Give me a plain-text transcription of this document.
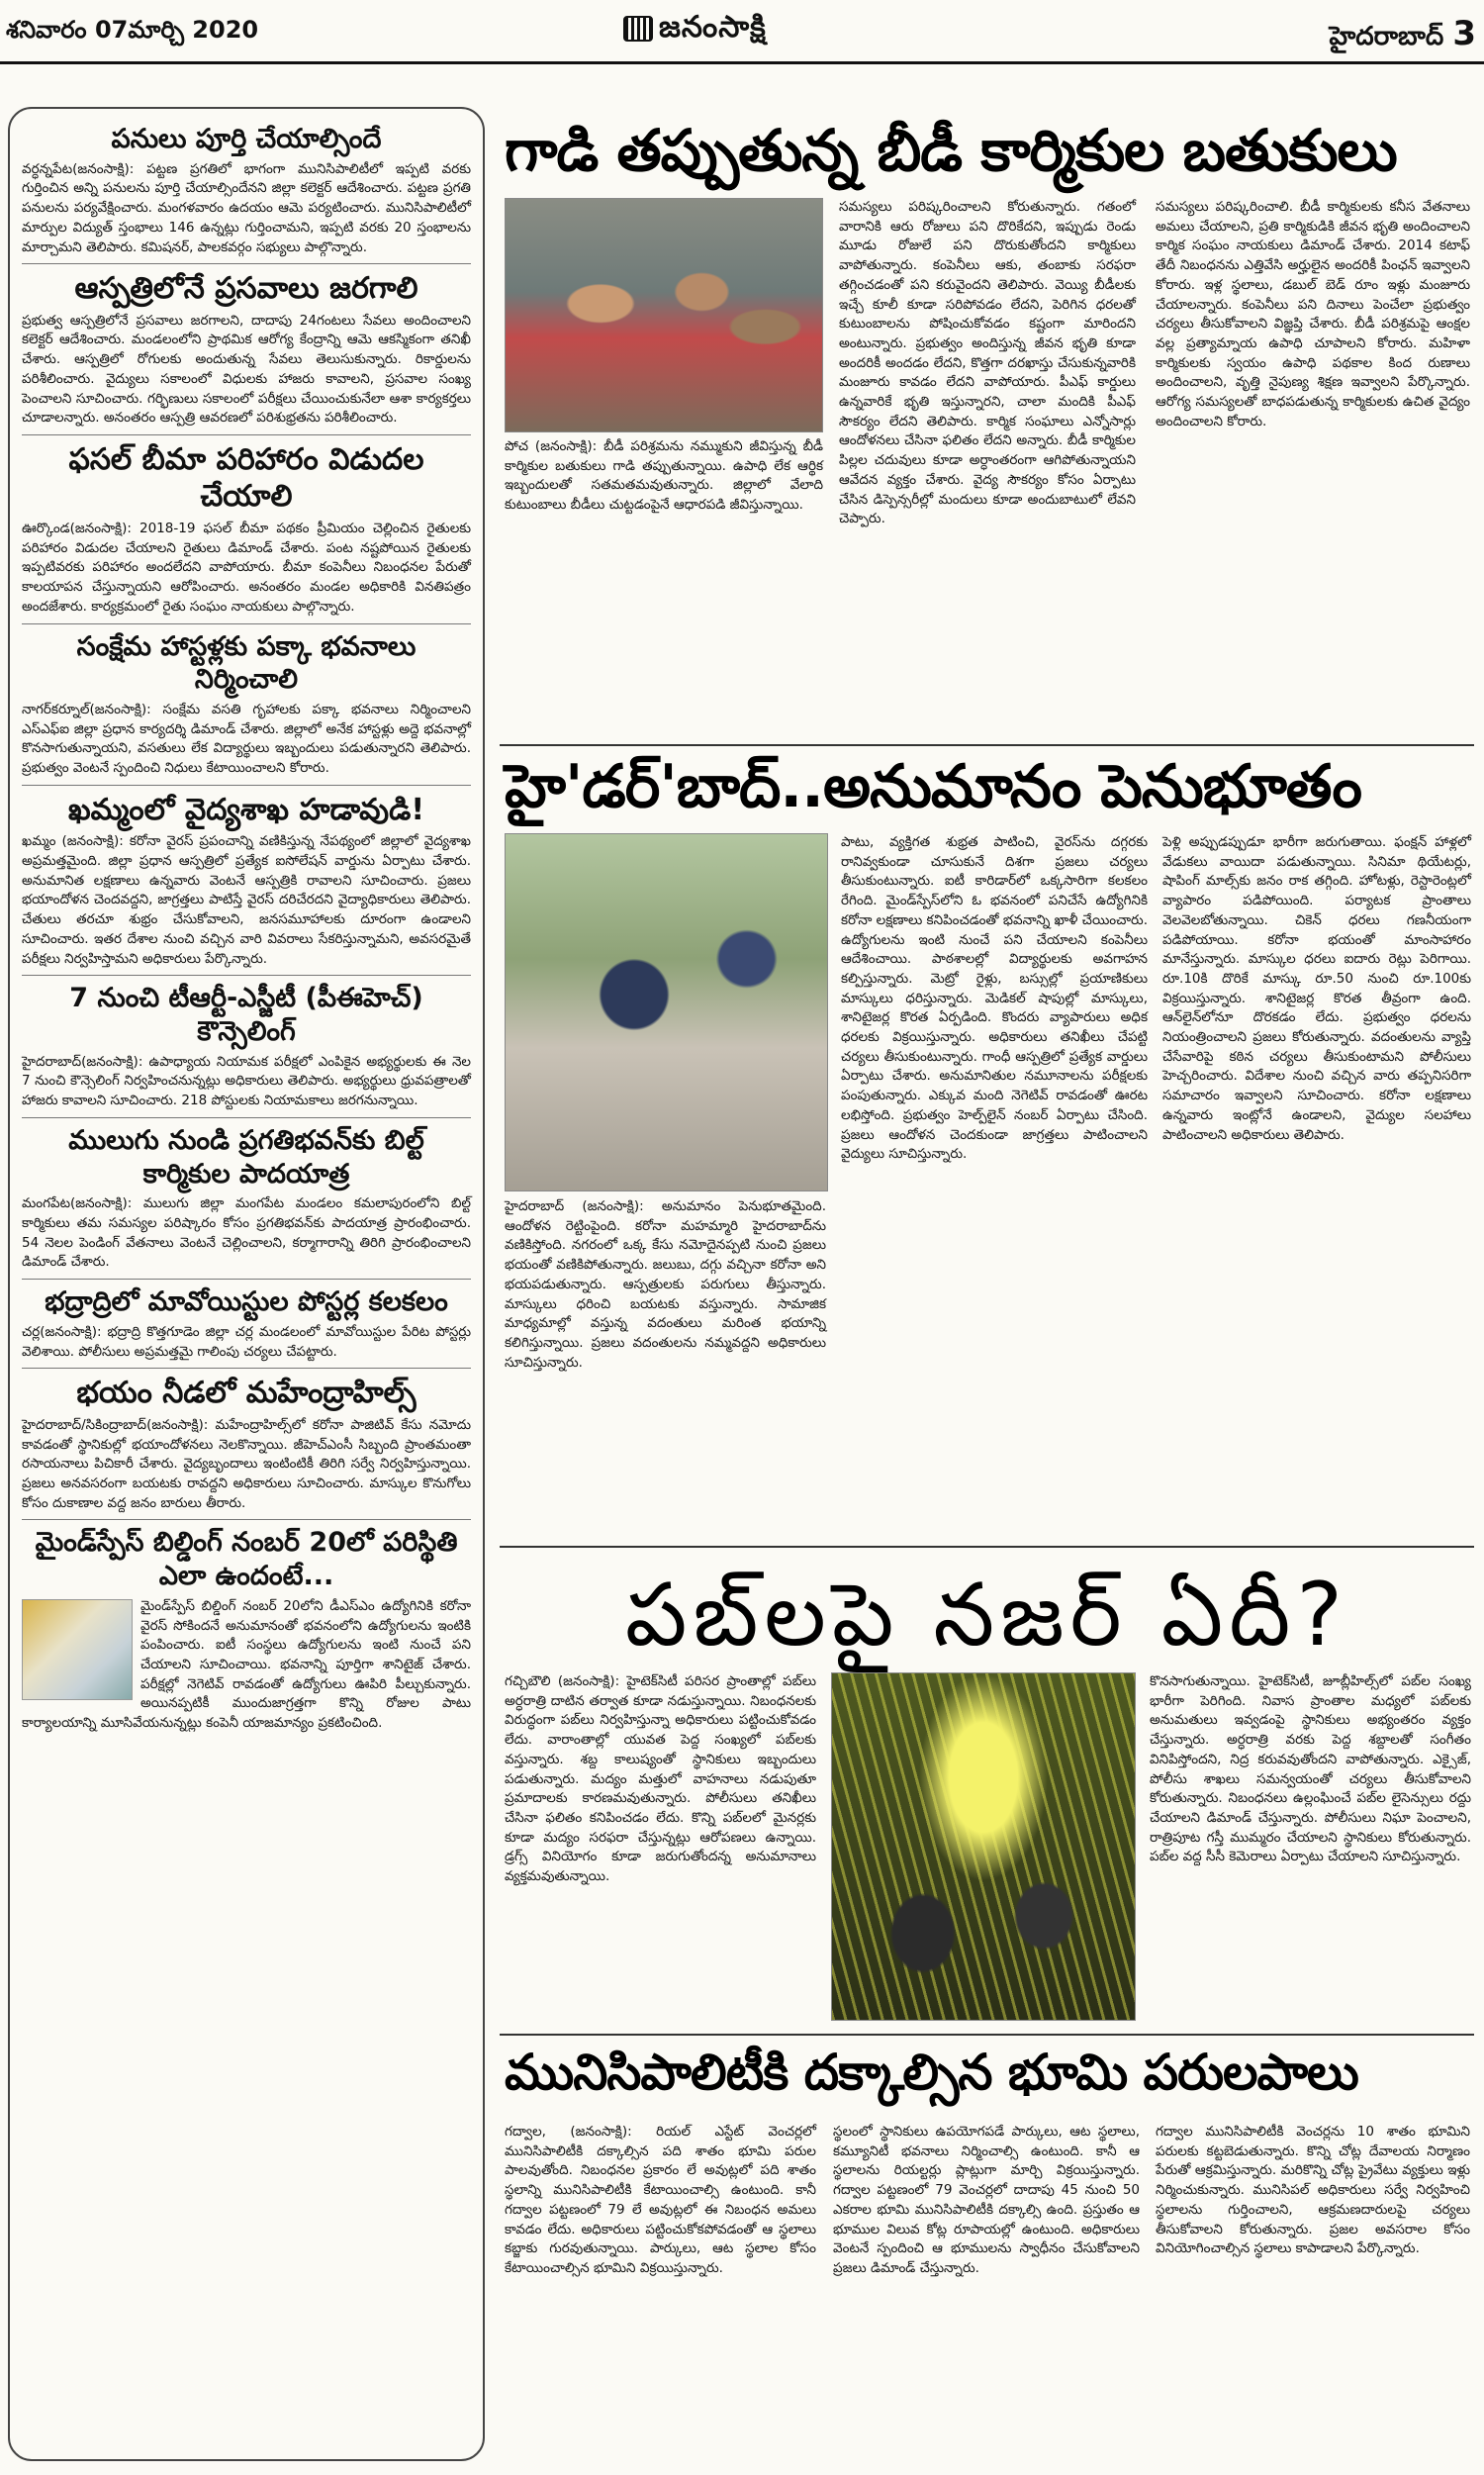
శనివారం 07మార్చి 2020	జనంసాక్షి	హైదరాబాద్ 3
పనులు పూర్తి చేయాల్సిందే

వర్ధన్నపేట(జనంసాక్షి): పట్టణ ప్రగతిలో భాగంగా మునిసిపాలిటీలో ఇప్పటి వరకు గుర్తించిన అన్ని పనులను పూర్తి చేయాల్సిందేనని జిల్లా కలెక్టర్ ఆదేశించారు. పట్టణ ప్రగతి పనులను పర్యవేక్షించారు. మంగళవారం ఉదయం ఆమె పర్యటించారు. మునిసిపాలిటీలో మార్పుల విద్యుత్ స్తంభాలు 146 ఉన్నట్లు గుర్తించామని, ఇప్పటి వరకు 20 స్తంభాలను మార్చామని తెలిపారు. కమిషనర్, పాలకవర్గం సభ్యులు పాల్గొన్నారు.

ఆస్పత్రిలోనే ప్రసవాలు జరగాలి

ప్రభుత్వ ఆస్పత్రిలోనే ప్రసవాలు జరగాలని, దాదాపు 24గంటలు సేవలు అందించాలని కలెక్టర్ ఆదేశించారు. మండలంలోని ప్రాథమిక ఆరోగ్య కేంద్రాన్ని ఆమె ఆకస్మికంగా తనిఖీ చేశారు. ఆస్పత్రిలో రోగులకు అందుతున్న సేవలు తెలుసుకున్నారు. రికార్డులను పరిశీలించారు. వైద్యులు సకాలంలో విధులకు హాజరు కావాలని, ప్రసవాల సంఖ్య పెంచాలని సూచించారు. గర్భిణులు సకాలంలో పరీక్షలు చేయించుకునేలా ఆశా కార్యకర్తలు చూడాలన్నారు. అనంతరం ఆస్పత్రి ఆవరణలో పరిశుభ్రతను పరిశీలించారు.

ఫసల్ బీమా పరిహారం విడుదల చేయాలి

ఊర్కొండ(జనంసాక్షి): 2018-19 ఫసల్ బీమా పథకం ప్రీమియం చెల్లించిన రైతులకు పరిహారం విడుదల చేయాలని రైతులు డిమాండ్ చేశారు. పంట నష్టపోయిన రైతులకు ఇప్పటివరకు పరిహారం అందలేదని వాపోయారు. బీమా కంపెనీలు నిబంధనల పేరుతో కాలయాపన చేస్తున్నాయని ఆరోపించారు. అనంతరం మండల అధికారికి వినతిపత్రం అందజేశారు. కార్యక్రమంలో రైతు సంఘం నాయకులు పాల్గొన్నారు.

సంక్షేమ హాస్టళ్లకు పక్కా భవనాలు నిర్మించాలి

నాగర్‌కర్నూల్(జనంసాక్షి): సంక్షేమ వసతి గృహాలకు పక్కా భవనాలు నిర్మించాలని ఎస్ఎఫ్ఐ జిల్లా ప్రధాన కార్యదర్శి డిమాండ్ చేశారు. జిల్లాలో అనేక హాస్టళ్లు అద్దె భవనాల్లో కొనసాగుతున్నాయని, వసతులు లేక విద్యార్థులు ఇబ్బందులు పడుతున్నారని తెలిపారు. ప్రభుత్వం వెంటనే స్పందించి నిధులు కేటాయించాలని కోరారు.

ఖమ్మంలో వైద్యశాఖ హడావుడి!

ఖమ్మం (జనంసాక్షి): కరోనా వైరస్ ప్రపంచాన్ని వణికిస్తున్న నేపథ్యంలో జిల్లాలో వైద్యశాఖ అప్రమత్తమైంది. జిల్లా ప్రధాన ఆస్పత్రిలో ప్రత్యేక ఐసోలేషన్ వార్డును ఏర్పాటు చేశారు. అనుమానిత లక్షణాలు ఉన్నవారు వెంటనే ఆస్పత్రికి రావాలని సూచించారు. ప్రజలు భయాందోళన చెందవద్దని, జాగ్రత్తలు పాటిస్తే వైరస్ దరిచేరదని వైద్యాధికారులు తెలిపారు. చేతులు తరచూ శుభ్రం చేసుకోవాలని, జనసమూహాలకు దూరంగా ఉండాలని సూచించారు. ఇతర దేశాల నుంచి వచ్చిన వారి వివరాలు సేకరిస్తున్నామని, అవసరమైతే పరీక్షలు నిర్వహిస్తామని అధికారులు పేర్కొన్నారు.

7 నుంచి టీఆర్టీ-ఎస్జీటీ (పీఈహెచ్) కౌన్సెలింగ్

హైదరాబాద్(జనంసాక్షి): ఉపాధ్యాయ నియామక పరీక్షలో ఎంపికైన అభ్యర్థులకు ఈ నెల 7 నుంచి కౌన్సెలింగ్ నిర్వహించనున్నట్లు అధికారులు తెలిపారు. అభ్యర్థులు ధ్రువపత్రాలతో హాజరు కావాలని సూచించారు. 218 పోస్టులకు నియామకాలు జరగనున్నాయి.

ములుగు నుండి ప్రగతిభవన్‌కు బిల్ట్ కార్మికుల పాదయాత్ర

మంగపేట(జనంసాక్షి): ములుగు జిల్లా మంగపేట మండలం కమలాపురంలోని బిల్ట్ కార్మికులు తమ సమస్యల పరిష్కారం కోసం ప్రగతిభవన్‌కు పాదయాత్ర ప్రారంభించారు. 54 నెలల పెండింగ్ వేతనాలు వెంటనే చెల్లించాలని, కర్మాగారాన్ని తిరిగి ప్రారంభించాలని డిమాండ్ చేశారు.

భద్రాద్రిలో మావోయిస్టుల పోస్టర్ల కలకలం

చర్ల(జనంసాక్షి): భద్రాద్రి కొత్తగూడెం జిల్లా చర్ల మండలంలో మావోయిస్టుల పేరిట పోస్టర్లు వెలిశాయి. పోలీసులు అప్రమత్తమై గాలింపు చర్యలు చేపట్టారు.

భయం నీడలో మహేంద్రాహిల్స్

హైదరాబాద్/సికింద్రాబాద్(జనంసాక్షి): మహేంద్రాహిల్స్‌లో కరోనా పాజిటివ్ కేసు నమోదు కావడంతో స్థానికుల్లో భయాందోళనలు నెలకొన్నాయి. జీహెచ్ఎంసీ సిబ్బంది ప్రాంతమంతా రసాయనాలు పిచికారీ చేశారు. వైద్యబృందాలు ఇంటింటికీ తిరిగి సర్వే నిర్వహిస్తున్నాయి. ప్రజలు అనవసరంగా బయటకు రావద్దని అధికారులు సూచించారు. మాస్కుల కొనుగోలు కోసం దుకాణాల వద్ద జనం బారులు తీరారు.

మైండ్‌స్పేస్ బిల్డింగ్ నంబర్ 20లో పరిస్థితి ఎలా ఉందంటే...

మైండ్‌స్పేస్ బిల్డింగ్ నంబర్ 20లోని డీఎస్ఎం ఉద్యోగినికి కరోనా వైరస్ సోకిందనే అనుమానంతో భవనంలోని ఉద్యోగులను ఇంటికి పంపించారు. ఐటీ సంస్థలు ఉద్యోగులను ఇంటి నుంచే పని చేయాలని సూచించాయి. భవనాన్ని పూర్తిగా శానిటైజ్ చేశారు. పరీక్షల్లో నెగెటివ్ రావడంతో ఉద్యోగులు ఊపిరి పీల్చుకున్నారు. అయినప్పటికీ ముందుజాగ్రత్తగా కొన్ని రోజుల పాటు కార్యాలయాన్ని మూసివేయనున్నట్లు కంపెనీ యాజమాన్యం ప్రకటించింది.

గాడి తప్పుతున్న బీడీ కార్మికుల బతుకులు
పోచ (జనంసాక్షి): బీడీ పరిశ్రమను నమ్ముకుని జీవిస్తున్న బీడీ కార్మికుల బతుకులు గాడి తప్పుతున్నాయి. ఉపాధి లేక ఆర్థిక ఇబ్బందులతో సతమతమవుతున్నారు. జిల్లాలో వేలాది కుటుంబాలు బీడీలు చుట్టడంపైనే ఆధారపడి జీవిస్తున్నాయి.
సమస్యలు పరిష్కరించాలని కోరుతున్నారు. గతంలో వారానికి ఆరు రోజులు పని దొరికేదని, ఇప్పుడు రెండు మూడు రోజులే పని దొరుకుతోందని కార్మికులు వాపోతున్నారు. కంపెనీలు ఆకు, తంబాకు సరఫరా తగ్గించడంతో పని కరువైందని తెలిపారు. వెయ్యి బీడీలకు ఇచ్చే కూలీ కూడా సరిపోవడం లేదని, పెరిగిన ధరలతో కుటుంబాలను పోషించుకోవడం కష్టంగా మారిందని అంటున్నారు. ప్రభుత్వం అందిస్తున్న జీవన భృతి కూడా అందరికీ అందడం లేదని, కొత్తగా దరఖాస్తు చేసుకున్నవారికి మంజూరు కావడం లేదని వాపోయారు. పీఎఫ్ కార్డులు ఉన్నవారికే భృతి ఇస్తున్నారని, చాలా మందికి పీఎఫ్ సౌకర్యం లేదని తెలిపారు. కార్మిక సంఘాలు ఎన్నోసార్లు ఆందోళనలు చేసినా ఫలితం లేదని అన్నారు. బీడీ కార్మికుల పిల్లల చదువులు కూడా అర్ధాంతరంగా ఆగిపోతున్నాయని ఆవేదన వ్యక్తం చేశారు. వైద్య సౌకర్యం కోసం ఏర్పాటు చేసిన డిస్పెన్సరీల్లో మందులు కూడా అందుబాటులో లేవని చెప్పారు.
సమస్యలు పరిష్కరించాలి. బీడీ కార్మికులకు కనీస వేతనాలు అమలు చేయాలని, ప్రతి కార్మికుడికి జీవన భృతి అందించాలని కార్మిక సంఘం నాయకులు డిమాండ్ చేశారు. 2014 కటాఫ్ తేదీ నిబంధనను ఎత్తివేసి అర్హులైన అందరికీ పింఛన్ ఇవ్వాలని కోరారు. ఇళ్ల స్థలాలు, డబుల్ బెడ్ రూం ఇళ్లు మంజూరు చేయాలన్నారు. కంపెనీలు పని దినాలు పెంచేలా ప్రభుత్వం చర్యలు తీసుకోవాలని విజ్ఞప్తి చేశారు. బీడీ పరిశ్రమపై ఆంక్షల వల్ల ప్రత్యామ్నాయ ఉపాధి చూపాలని కోరారు. మహిళా కార్మికులకు స్వయం ఉపాధి పథకాల కింద రుణాలు అందించాలని, వృత్తి నైపుణ్య శిక్షణ ఇవ్వాలని పేర్కొన్నారు. ఆరోగ్య సమస్యలతో బాధపడుతున్న కార్మికులకు ఉచిత వైద్యం అందించాలని కోరారు.
హై'డర్'బాద్..అనుమానం పెనుభూతం
హైదరాబాద్ (జనంసాక్షి): అనుమానం పెనుభూతమైంది. ఆందోళన రెట్టింపైంది. కరోనా మహమ్మారి హైదరాబాద్‌ను వణికిస్తోంది. నగరంలో ఒక్క కేసు నమోదైనప్పటి నుంచి ప్రజలు భయంతో వణికిపోతున్నారు. జలుబు, దగ్గు వచ్చినా కరోనా అని భయపడుతున్నారు. ఆస్పత్రులకు పరుగులు తీస్తున్నారు. మాస్కులు ధరించి బయటకు వస్తున్నారు. సామాజిక మాధ్యమాల్లో వస్తున్న వదంతులు మరింత భయాన్ని కలిగిస్తున్నాయి. ప్రజలు వదంతులను నమ్మవద్దని అధికారులు సూచిస్తున్నారు.
పాటు, వ్యక్తిగత శుభ్రత పాటించి, వైరస్‌ను దగ్గరకు రానివ్వకుండా చూసుకునే దిశగా ప్రజలు చర్యలు తీసుకుంటున్నారు. ఐటీ కారిడార్‌లో ఒక్కసారిగా కలకలం రేగింది. మైండ్‌స్పేస్‌లోని ఓ భవనంలో పనిచేసే ఉద్యోగినికి కరోనా లక్షణాలు కనిపించడంతో భవనాన్ని ఖాళీ చేయించారు. ఉద్యోగులను ఇంటి నుంచే పని చేయాలని కంపెనీలు ఆదేశించాయి. పాఠశాలల్లో విద్యార్థులకు అవగాహన కల్పిస్తున్నారు. మెట్రో రైళ్లు, బస్సుల్లో ప్రయాణికులు మాస్కులు ధరిస్తున్నారు. మెడికల్ షాపుల్లో మాస్కులు, శానిటైజర్ల కొరత ఏర్పడింది. కొందరు వ్యాపారులు అధిక ధరలకు విక్రయిస్తున్నారు. అధికారులు తనిఖీలు చేపట్టి చర్యలు తీసుకుంటున్నారు. గాంధీ ఆస్పత్రిలో ప్రత్యేక వార్డులు ఏర్పాటు చేశారు. అనుమానితుల నమూనాలను పరీక్షలకు పంపుతున్నారు. ఎక్కువ మంది నెగెటివ్ రావడంతో ఊరట లభిస్తోంది. ప్రభుత్వం హెల్ప్‌లైన్ నంబర్ ఏర్పాటు చేసింది. ప్రజలు ఆందోళన చెందకుండా జాగ్రత్తలు పాటించాలని వైద్యులు సూచిస్తున్నారు.
పెళ్లి అప్పుడప్పుడూ భారీగా జరుగుతాయి. ఫంక్షన్ హాళ్లలో వేడుకలు వాయిదా పడుతున్నాయి. సినిమా థియేటర్లు, షాపింగ్ మాల్స్‌కు జనం రాక తగ్గింది. హోటళ్లు, రెస్టారెంట్లలో వ్యాపారం పడిపోయింది. పర్యాటక ప్రాంతాలు వెలవెలబోతున్నాయి. చికెన్ ధరలు గణనీయంగా పడిపోయాయి. కరోనా భయంతో మాంసాహారం మానేస్తున్నారు. మాస్కుల ధరలు ఐదారు రెట్లు పెరిగాయి. రూ.10కి దొరికే మాస్కు రూ.50 నుంచి రూ.100కు విక్రయిస్తున్నారు. శానిటైజర్ల కొరత తీవ్రంగా ఉంది. ఆన్‌లైన్‌లోనూ దొరకడం లేదు. ప్రభుత్వం ధరలను నియంత్రించాలని ప్రజలు కోరుతున్నారు. వదంతులను వ్యాప్తి చేసేవారిపై కఠిన చర్యలు తీసుకుంటామని పోలీసులు హెచ్చరించారు. విదేశాల నుంచి వచ్చిన వారు తప్పనిసరిగా సమాచారం ఇవ్వాలని సూచించారు. కరోనా లక్షణాలు ఉన్నవారు ఇంట్లోనే ఉండాలని, వైద్యుల సలహాలు పాటించాలని అధికారులు తెలిపారు.
పబ్‌లపై నజర్ ఏదీ?
గచ్చిబౌలి (జనంసాక్షి): హైటెక్‌సిటీ పరిసర ప్రాంతాల్లో పబ్‌లు అర్ధరాత్రి దాటిన తర్వాత కూడా నడుస్తున్నాయి. నిబంధనలకు విరుద్ధంగా పబ్‌లు నిర్వహిస్తున్నా అధికారులు పట్టించుకోవడం లేదు. వారాంతాల్లో యువత పెద్ద సంఖ్యలో పబ్‌లకు వస్తున్నారు. శబ్ద కాలుష్యంతో స్థానికులు ఇబ్బందులు పడుతున్నారు. మద్యం మత్తులో వాహనాలు నడుపుతూ ప్రమాదాలకు కారణమవుతున్నారు. పోలీసులు తనిఖీలు చేసినా ఫలితం కనిపించడం లేదు. కొన్ని పబ్‌లలో మైనర్లకు కూడా మద్యం సరఫరా చేస్తున్నట్లు ఆరోపణలు ఉన్నాయి. డ్రగ్స్ వినియోగం కూడా జరుగుతోందన్న అనుమానాలు వ్యక్తమవుతున్నాయి.
కొనసాగుతున్నాయి. హైటెక్‌సిటీ, జూబ్లీహిల్స్‌లో పబ్‌ల సంఖ్య భారీగా పెరిగింది. నివాస ప్రాంతాల మధ్యలో పబ్‌లకు అనుమతులు ఇవ్వడంపై స్థానికులు అభ్యంతరం వ్యక్తం చేస్తున్నారు. అర్ధరాత్రి వరకు పెద్ద శబ్దాలతో సంగీతం వినిపిస్తోందని, నిద్ర కరువవుతోందని వాపోతున్నారు. ఎక్సైజ్, పోలీసు శాఖలు సమన్వయంతో చర్యలు తీసుకోవాలని కోరుతున్నారు. నిబంధనలు ఉల్లంఘించే పబ్‌ల లైసెన్సులు రద్దు చేయాలని డిమాండ్ చేస్తున్నారు. పోలీసులు నిఘా పెంచాలని, రాత్రిపూట గస్తీ ముమ్మరం చేయాలని స్థానికులు కోరుతున్నారు. పబ్‌ల వద్ద సీసీ కెమెరాలు ఏర్పాటు చేయాలని సూచిస్తున్నారు.
మునిసిపాలిటీకి దక్కాల్సిన భూమి పరులపాలు
గద్వాల, (జనంసాక్షి): రియల్ ఎస్టేట్ వెంచర్లలో మునిసిపాలిటీకి దక్కాల్సిన పది శాతం భూమి పరుల పాలవుతోంది. నిబంధనల ప్రకారం లే అవుట్లలో పది శాతం స్థలాన్ని మునిసిపాలిటీకి కేటాయించాల్సి ఉంటుంది. కానీ గద్వాల పట్టణంలో 79 లే అవుట్లలో ఈ నిబంధన అమలు కావడం లేదు. అధికారులు పట్టించుకోకపోవడంతో ఆ స్థలాలు కబ్జాకు గురవుతున్నాయి. పార్కులు, ఆట స్థలాల కోసం కేటాయించాల్సిన భూమిని విక్రయిస్తున్నారు.
స్థలంలో స్థానికులు ఉపయోగపడే పార్కులు, ఆట స్థలాలు, కమ్యూనిటీ భవనాలు నిర్మించాల్సి ఉంటుంది. కానీ ఆ స్థలాలను రియల్టర్లు ప్లాట్లుగా మార్చి విక్రయిస్తున్నారు. గద్వాల పట్టణంలో 79 వెంచర్లలో దాదాపు 45 నుంచి 50 ఎకరాల భూమి మునిసిపాలిటీకి దక్కాల్సి ఉంది. ప్రస్తుతం ఆ భూముల విలువ కోట్ల రూపాయల్లో ఉంటుంది. అధికారులు వెంటనే స్పందించి ఆ భూములను స్వాధీనం చేసుకోవాలని ప్రజలు డిమాండ్ చేస్తున్నారు.
గద్వాల మునిసిపాలిటీకి వెంచర్లను 10 శాతం భూమిని పరులకు కట్టబెడుతున్నారు. కొన్ని చోట్ల దేవాలయ నిర్మాణం పేరుతో ఆక్రమిస్తున్నారు. మరికొన్ని చోట్ల ప్రైవేటు వ్యక్తులు ఇళ్లు నిర్మించుకున్నారు. మునిసిపల్ అధికారులు సర్వే నిర్వహించి స్థలాలను గుర్తించాలని, ఆక్రమణదారులపై చర్యలు తీసుకోవాలని కోరుతున్నారు. ప్రజల అవసరాల కోసం వినియోగించాల్సిన స్థలాలు కాపాడాలని పేర్కొన్నారు.
